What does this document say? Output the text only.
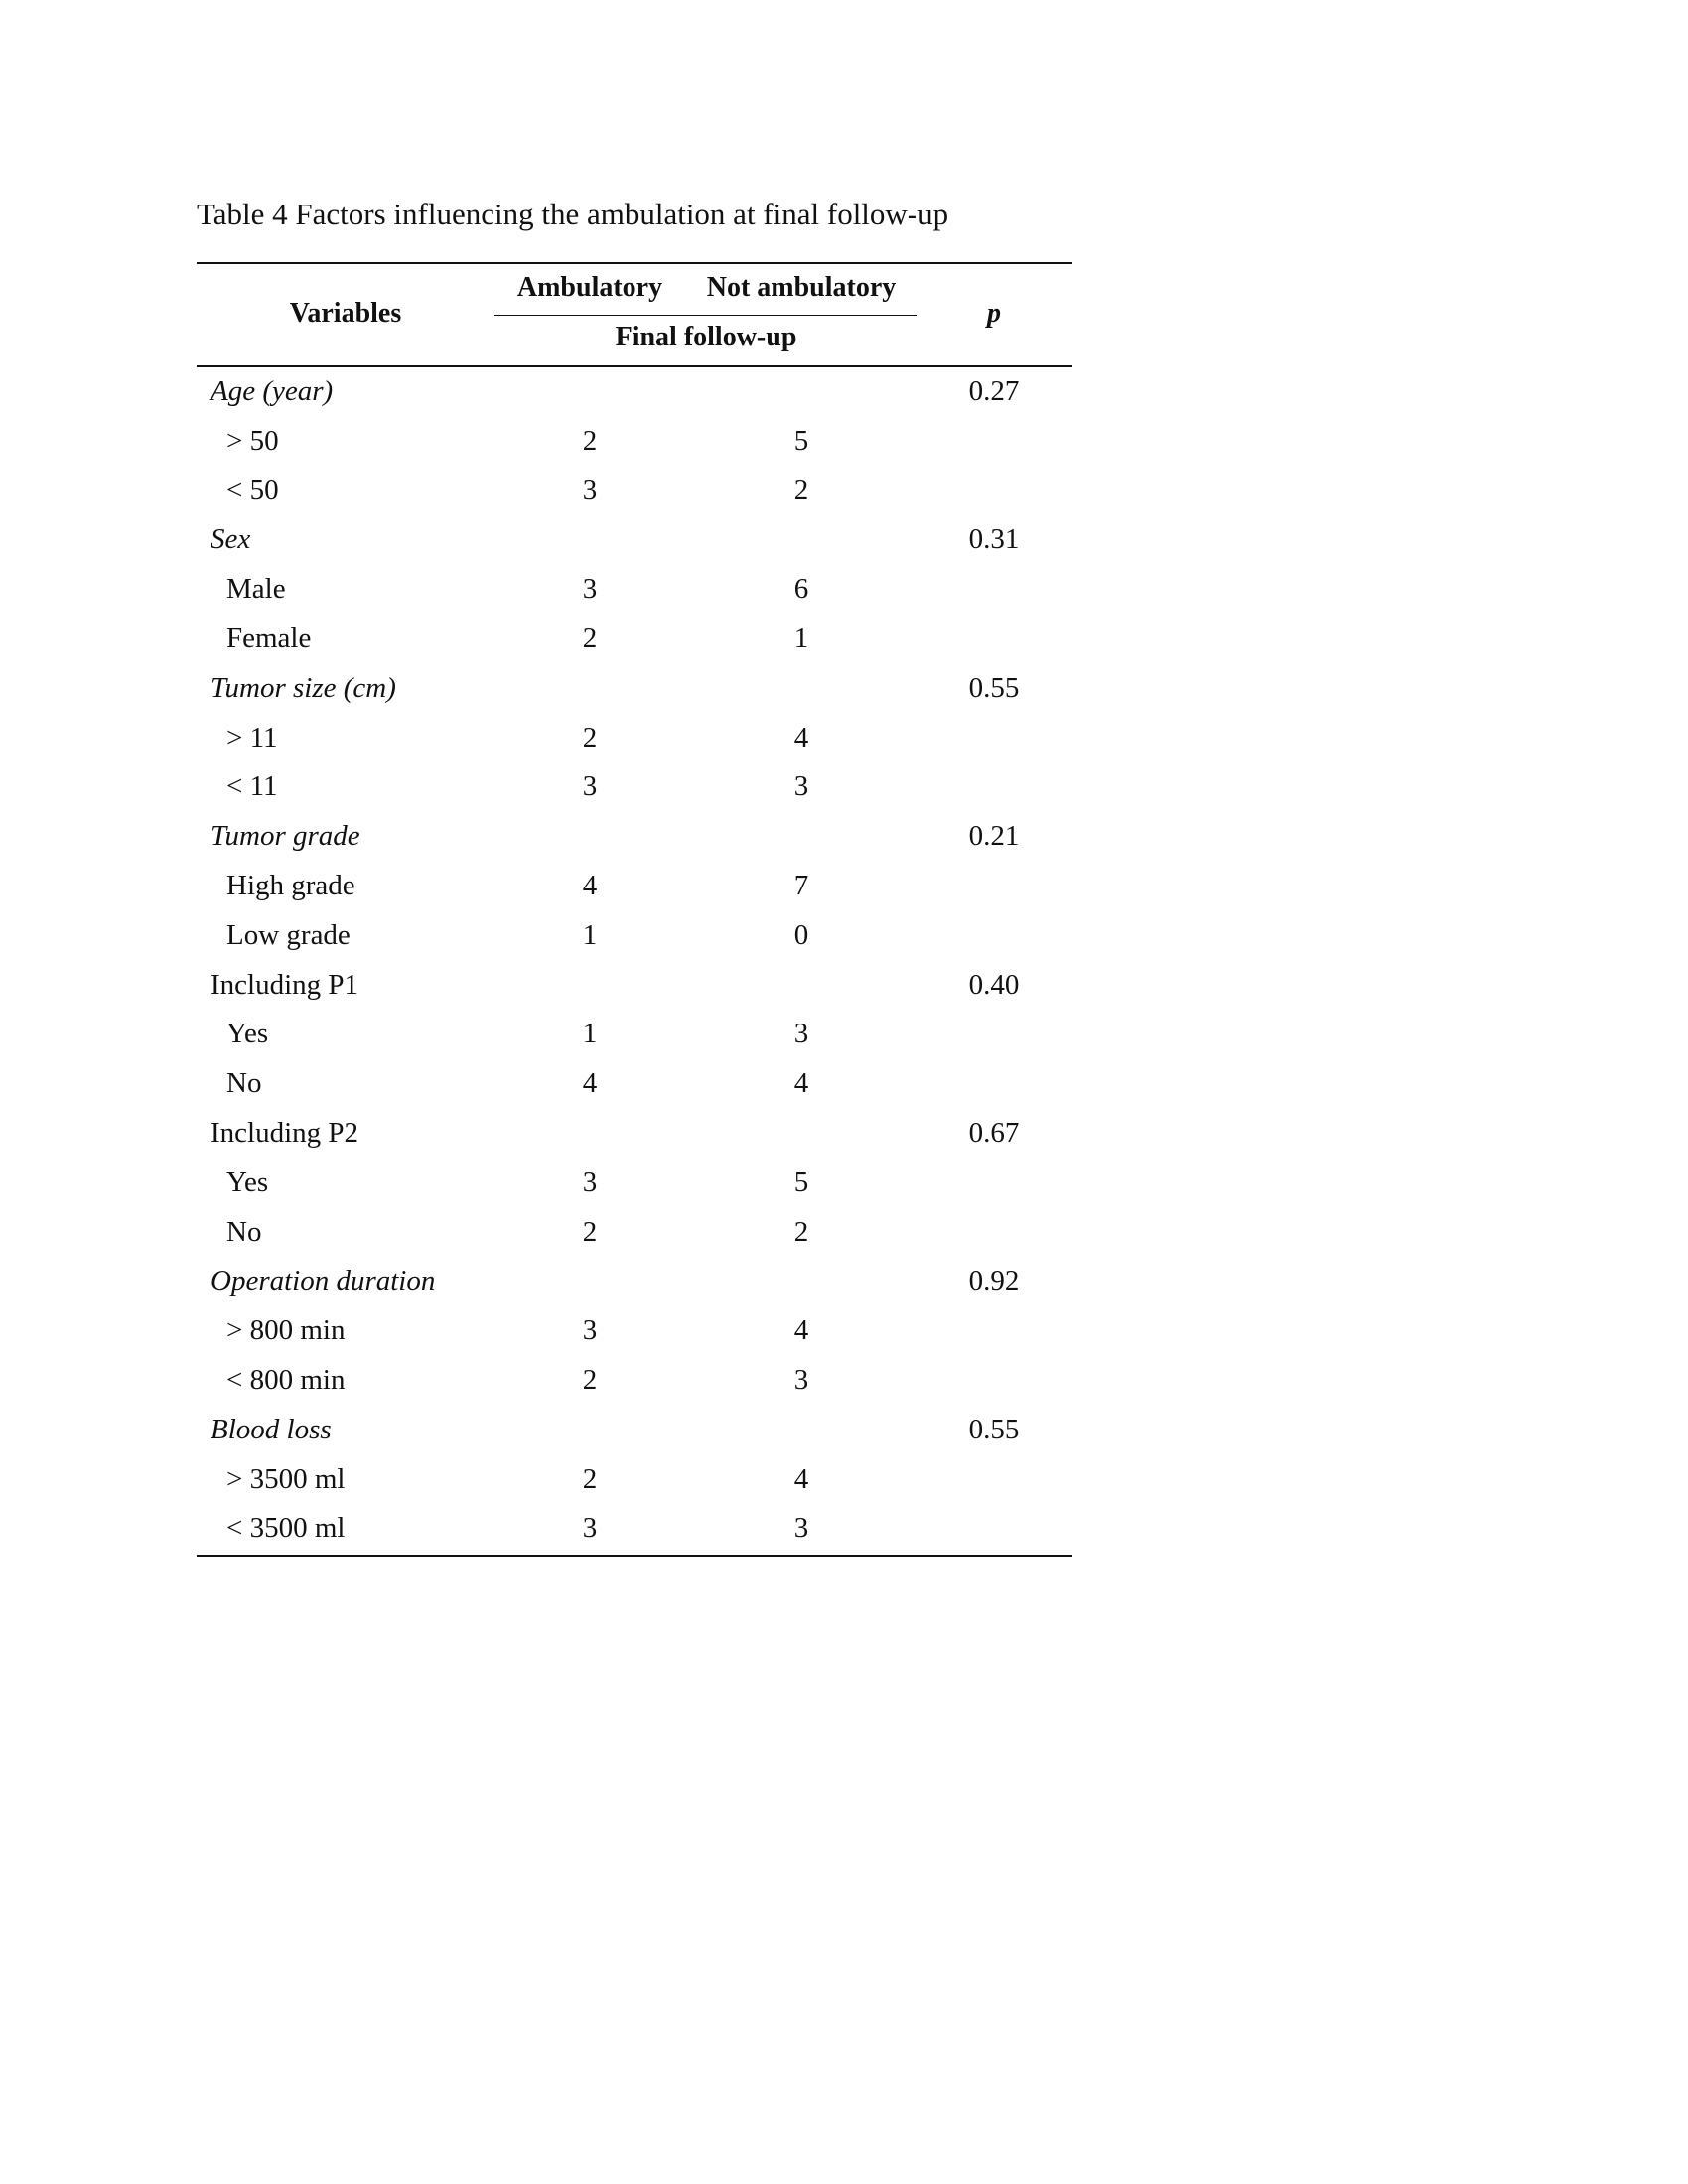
Table 4 Factors influencing the ambulation at final follow-up
Variables
Ambulatory	Not ambulatory
Final follow-up
p
Age (year)	0.27
> 50	2	5
< 50	3	2
Sex	0.31
Male	3	6
Female	2	1
Tumor size (cm)	0.55
> 11	2	4
< 11	3	3
Tumor grade	0.21
High grade	4	7
Low grade	1	0
Including P1	0.40
Yes	1	3
No	4	4
Including P2	0.67
Yes	3	5
No	2	2
Operation duration	0.92
> 800 min	3	4
< 800 min	2	3
Blood loss	0.55
> 3500 ml	2	4
< 3500 ml	3	3
